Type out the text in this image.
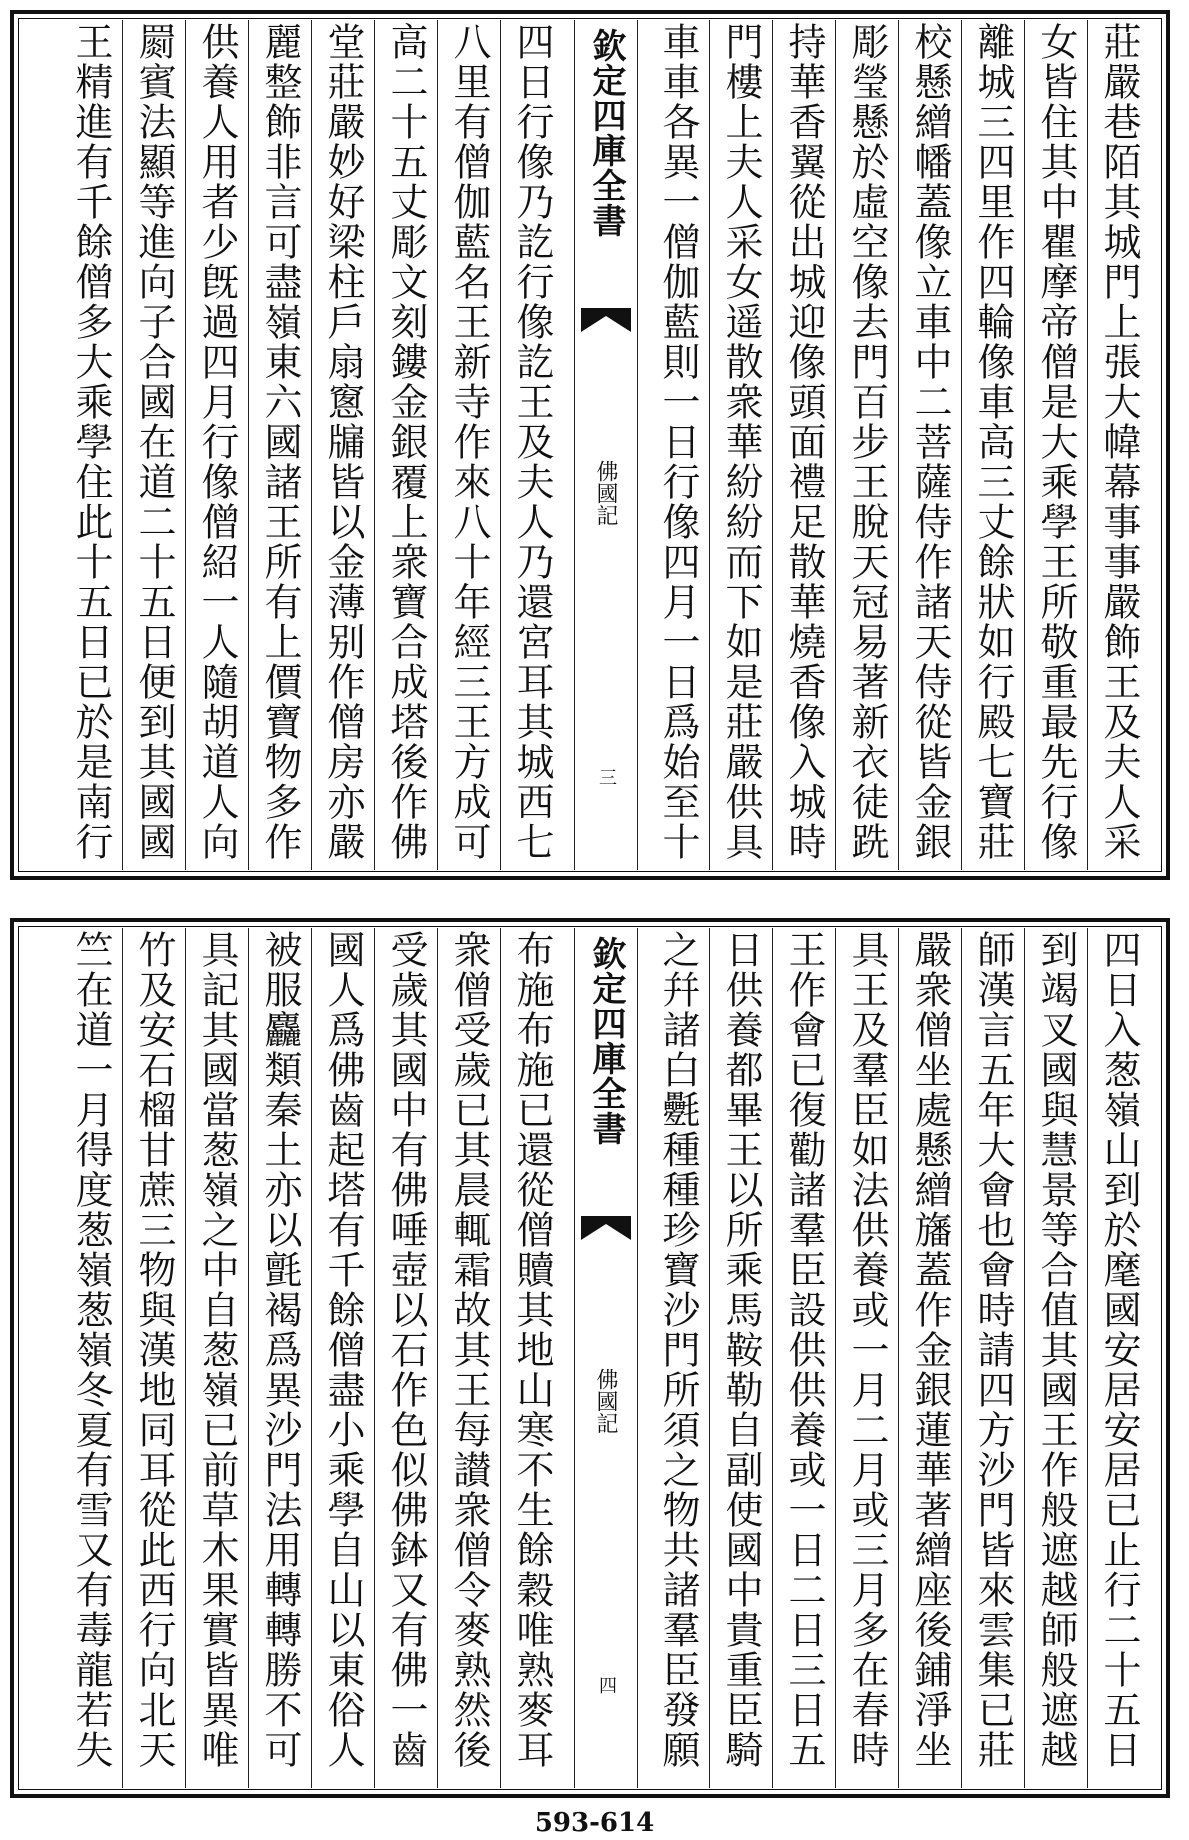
莊嚴巷陌其城門上張大幃幕事事嚴飾王及夫人采
女皆住其中瞿摩帝僧是大乘學王所敬重最先行像
離城三四里作四輪像車高三丈餘狀如行殿七寶莊
校懸繒幡蓋像立車中二菩薩侍作諸天侍從皆金銀
彫瑩懸於虛空像去門百步王脫天冠易著新衣徒跣
持華香翼從出城迎像頭面禮足散華燒香像入城時
門樓上夫人采女遥散衆華紛紛而下如是莊嚴供具
車車各異一僧伽藍則一日行像四月一日爲始至十
四日行像乃訖行像訖王及夫人乃還宮耳其城西七
八里有僧伽藍名王新寺作來八十年經三王方成可
高二十五丈彫文刻鏤金銀覆上衆寶合成塔後作佛
堂莊嚴妙好梁柱戶扇窻牖皆以金薄别作僧房亦嚴
麗整飾非言可盡嶺東六國諸王所有上價寶物多作
供養人用者少旣過四月行像僧紹一人隨胡道人向
罽賓法顯等進向子合國在道二十五日便到其國國
王精進有千餘僧多大乘學住此十五日已於是南行	欽定四庫全書
佛國記
三
四日入葱嶺山到於麾國安居安居已止行二十五日
到竭叉國與慧景等合值其國王作般遮越師般遮越
師漢言五年大會也會時請四方沙門皆來雲集已莊
嚴衆僧坐處懸繒旛蓋作金銀蓮華著繒座後鋪淨坐
具王及羣臣如法供養或一月二月或三月多在春時
王作會已復勸諸羣臣設供供養或一日二日三日五
日供養都畢王以所乘馬鞍勒自副使國中貴重臣騎
之幷諸白氎種種珍寶沙門所須之物共諸羣臣發願
布施布施已還從僧贖其地山寒不生餘穀唯熟麥耳
衆僧受歲已其晨輒霜故其王每讃衆僧令麥熟然後
受歲其國中有佛唾壺以石作色似佛鉢又有佛一齒
國人爲佛齒起塔有千餘僧盡小乘學自山以東俗人
被服麤類秦土亦以氈褐爲異沙門法用轉轉勝不可
具記其國當葱嶺之中自葱嶺已前草木果實皆異唯
竹及安石榴甘蔗三物與漢地同耳從此西行向北天
竺在道一月得度葱嶺葱嶺冬夏有雪又有毒龍若失	欽定四庫全書
佛國記
四
593-614
